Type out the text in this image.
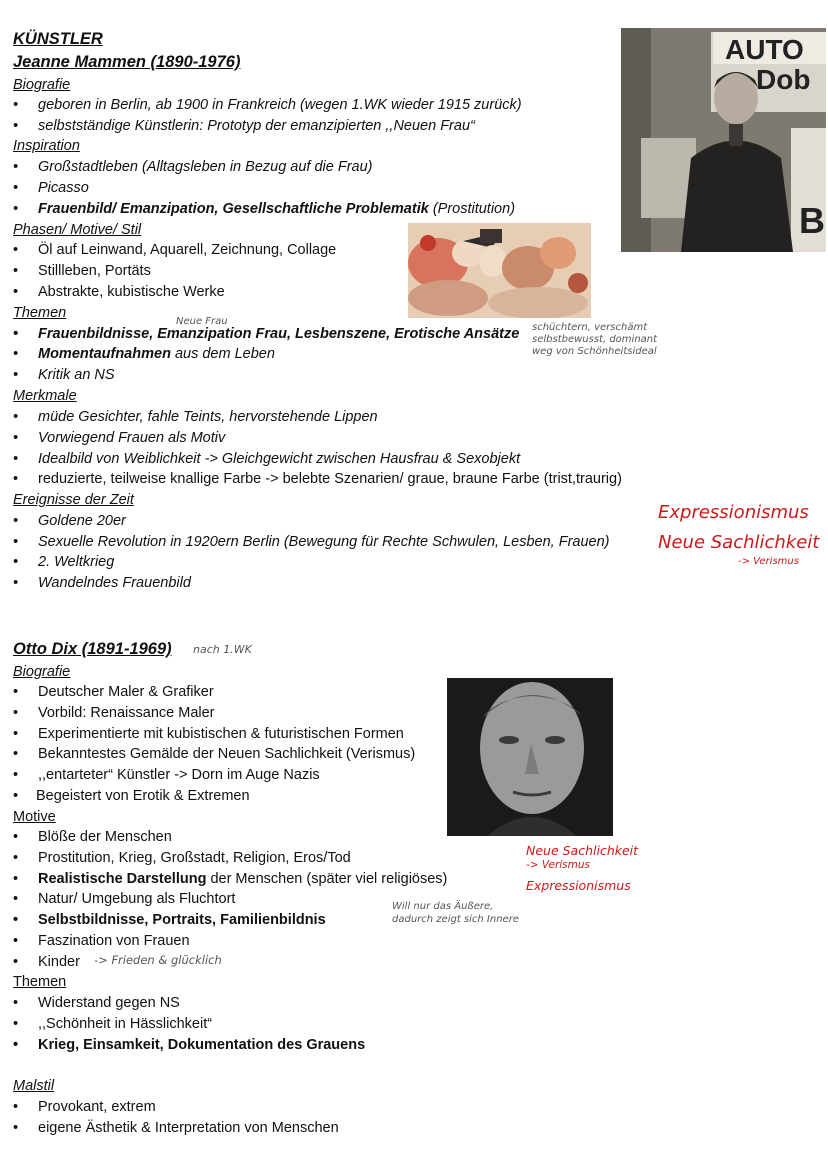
KÜNSTLER
Jeanne Mammen (1890-1976)
Biografie
• geboren in Berlin, ab 1900 in Frankreich (wegen 1.WK wieder 1915 zurück)
• selbstständige Künstlerin: Prototyp der emanzipierten ,,Neuen Frau“
Inspiration
• Großstadtleben (Alltagsleben in Bezug auf die Frau)
• Picasso
• Frauenbild/ Emanzipation, Gesellschaftliche Problematik (Prostitution)
Phasen/ Motive/ Stil
• Öl auf Leinwand, Aquarell, Zeichnung, Collage
• Stillleben, Portäts
• Abstrakte, kubistische Werke
Themen
• Frauenbildnisse, Emanzipation Frau, Lesbenszene, Erotische Ansätze
• Momentaufnahmen aus dem Leben
• Kritik an NS
Merkmale
• müde Gesichter, fahle Teints, hervorstehende Lippen
• Vorwiegend Frauen als Motiv
• Idealbild von Weiblichkeit -> Gleichgewicht zwischen Hausfrau & Sexobjekt
• reduzierte, teilweise knallige Farbe -> belebte Szenarien/ graue, braune Farbe (trist,traurig)
Ereignisse der Zeit
• Goldene 20er
• Sexuelle Revolution in 1920ern Berlin (Bewegung für Rechte Schwulen, Lesben, Frauen)
• 2. Weltkrieg
• Wandelndes Frauenbild
Neue Frau
schüchtern, verschämt
selbstbewusst, dominant
weg von Schönheitsideal
Expressionismus
Neue Sachlichkeit
-> Verismus
AUTO
Dob
B
Otto Dix (1891-1969) nach 1.WK
Biografie
• Deutscher Maler & Grafiker
• Vorbild: Renaissance Maler
• Experimentierte mit kubistischen & futuristischen Formen
• Bekanntestes Gemälde der Neuen Sachlichkeit (Verismus)
• ,,entarteter“ Künstler -> Dorn im Auge Nazis
• Begeistert von Erotik & Extremen
Motive
• Blöße der Menschen
• Prostitution, Krieg, Großstadt, Religion, Eros/Tod
• Realistische Darstellung der Menschen (später viel religiöses)
• Natur/ Umgebung als Fluchtort
• Selbstbildnisse, Portraits, Familienbildnis
• Faszination von Frauen
• Kinder -> Frieden & glücklich
Themen
• Widerstand gegen NS
• ,,Schönheit in Hässlichkeit“
• Krieg, Einsamkeit, Dokumentation des Grauens
Malstil
• Provokant, extrem
• eigene Ästhetik & Interpretation von Menschen
Will nur das Äußere,
dadurch zeigt sich Innere
Neue Sachlichkeit
-> Verismus
Expressionismus
